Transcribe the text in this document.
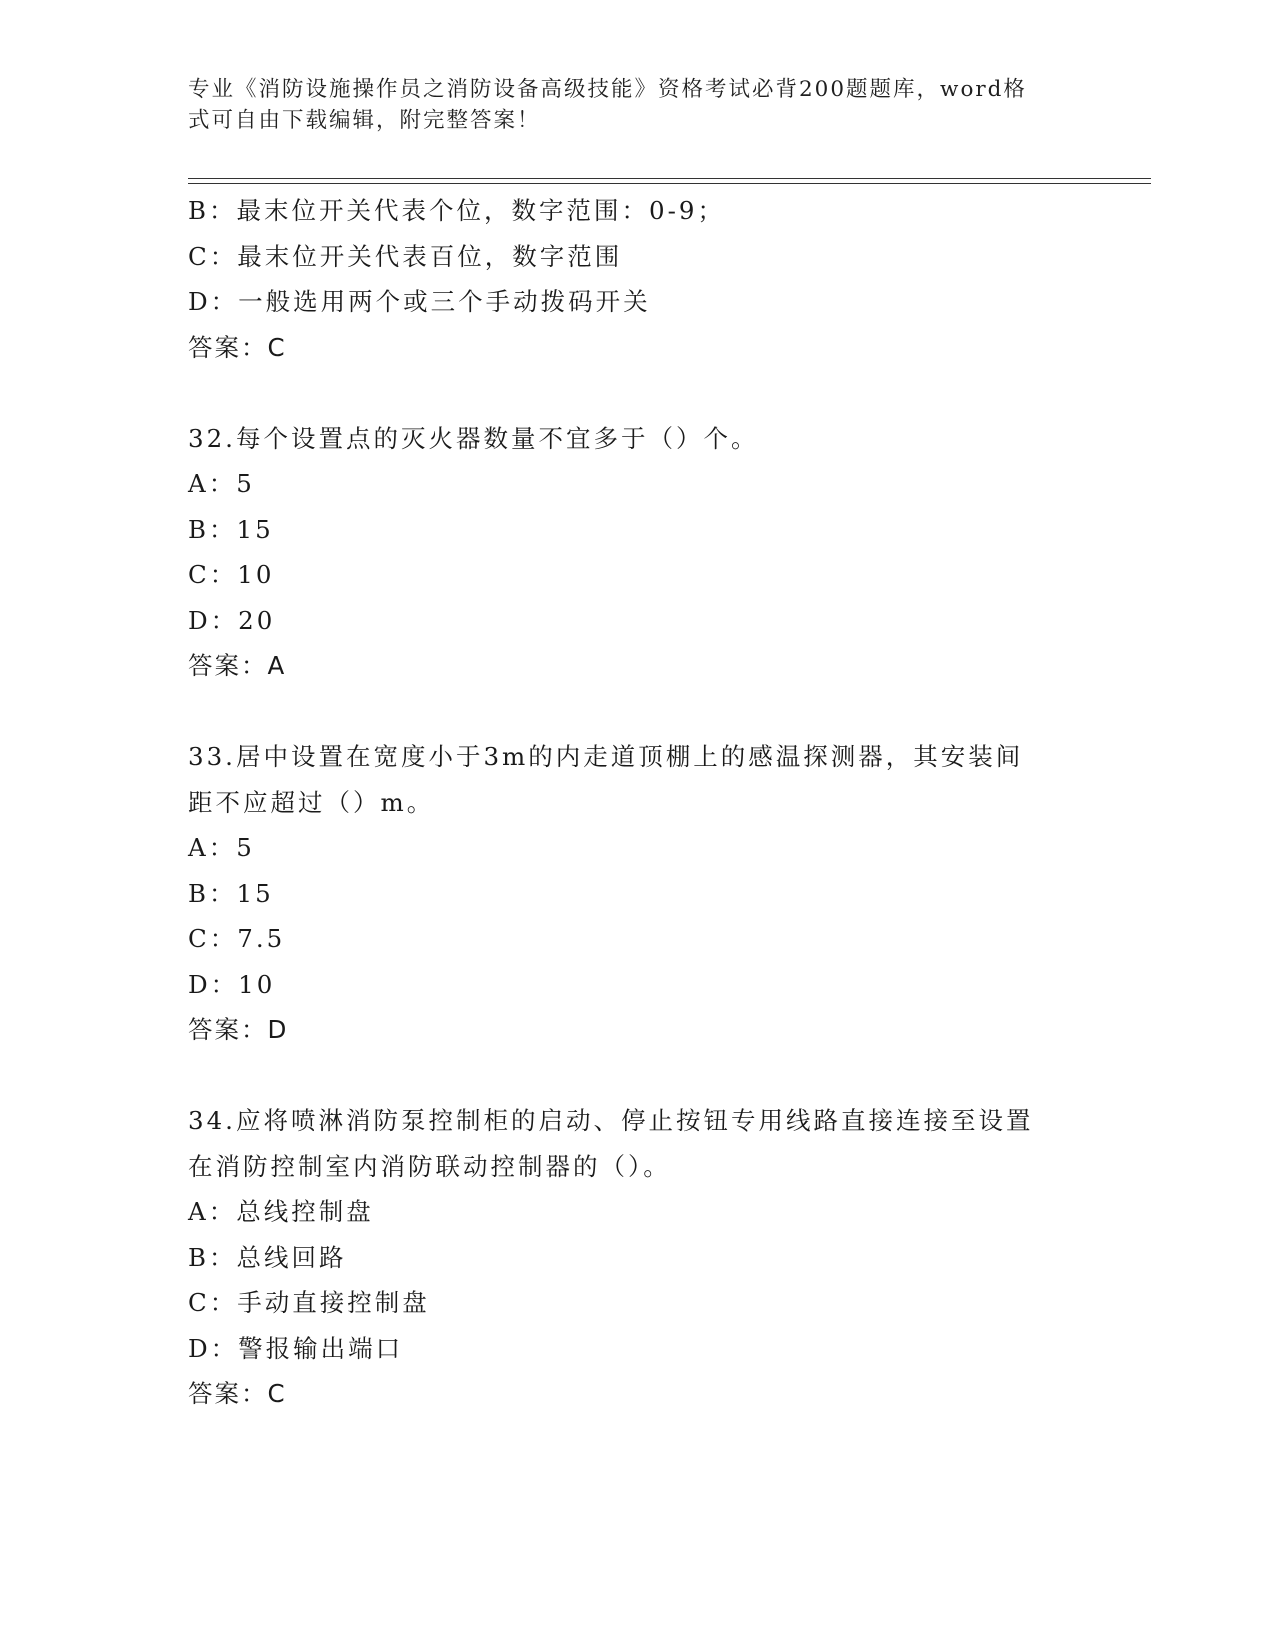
专业《消防设施操作员之消防设备高级技能》资格考试必背200题题库，word格
式可自由下载编辑，附完整答案！
B：最末位开关代表个位，数字范围：0-9；
C：最末位开关代表百位，数字范围
D：一般选用两个或三个手动拨码开关
答案：C
32.每个设置点的灭火器数量不宜多于（）个。
A：5
B：15
C：10
D：20
答案：A
33.居中设置在宽度小于3m的内走道顶棚上的感温探测器，其安装间
距不应超过（）m。
A：5
B：15
C：7.5
D：10
答案：D
34.应将喷淋消防泵控制柜的启动、停止按钮专用线路直接连接至设置
在消防控制室内消防联动控制器的（）。
A：总线控制盘
B：总线回路
C：手动直接控制盘
D：警报输出端口
答案：C
